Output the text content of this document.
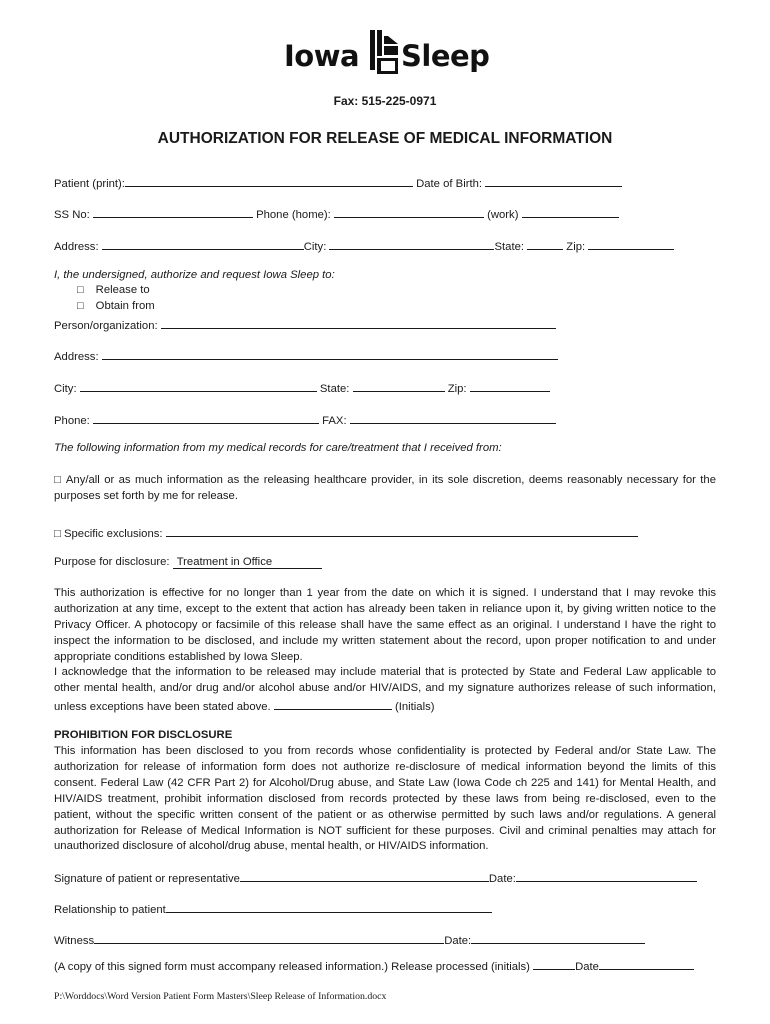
Iowa Sleep
Fax: 515-225-0971
AUTHORIZATION FOR RELEASE OF MEDICAL INFORMATION
Patient (print):	Date of Birth:
SS No:	Phone (home):	(work)
Address:	City:	State:	Zip:
I, the undersigned, authorize and request Iowa Sleep to:
□ Release to
□ Obtain from
Person/organization:
Address:
City:	State:	Zip:
Phone:	FAX:
The following information from my medical records for care/treatment that I received from:
□ Any/all or as much information as the releasing healthcare provider, in its sole discretion, deems reasonably necessary for the purposes set forth by me for release.
□ Specific exclusions:
Purpose for disclosure: Treatment in Office
This authorization is effective for no longer than 1 year from the date on which it is signed. I understand that I may revoke this authorization at any time, except to the extent that action has already been taken in reliance upon it, by giving written notice to the Privacy Officer. A photocopy or facsimile of this release shall have the same effect as an original. I understand I have the right to inspect the information to be disclosed, and include my written statement about the record, upon proper notification to and under appropriate conditions established by Iowa Sleep.
I acknowledge that the information to be released may include material that is protected by State and Federal Law applicable to other mental health, and/or drug and/or alcohol abuse and/or HIV/AIDS, and my signature authorizes release of such information, unless exceptions have been stated above.	(Initials)
PROHIBITION FOR DISCLOSURE
This information has been disclosed to you from records whose confidentiality is protected by Federal and/or State Law. The authorization for release of information form does not authorize re-disclosure of medical information beyond the limits of this consent. Federal Law (42 CFR Part 2) for Alcohol/Drug abuse, and State Law (Iowa Code ch 225 and 141) for Mental Health, and HIV/AIDS treatment, prohibit information disclosed from records protected by these laws from being re-disclosed, even to the patient, without the specific written consent of the patient or as otherwise permitted by such laws and/or regulations. A general authorization for Release of Medical Information is NOT sufficient for these purposes. Civil and criminal penalties may attach for unauthorized disclosure of alcohol/drug abuse, mental health, or HIV/AIDS information.
Signature of patient or representative	Date:
Relationship to patient
Witness	Date:
(A copy of this signed form must accompany released information.) Release processed (initials)	Date
P:\Worddocs\Word Version Patient Form Masters\Sleep Release of Information.docx
